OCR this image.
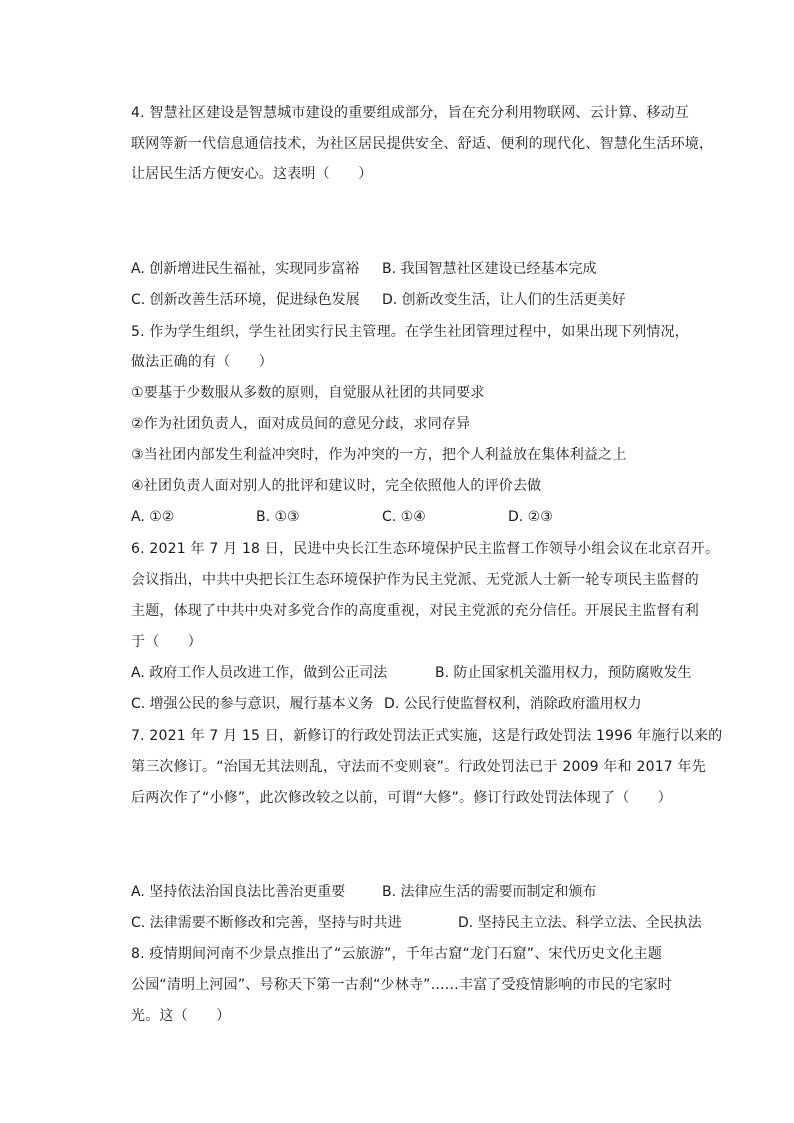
4. 智慧社区建设是智慧城市建设的重要组成部分，旨在充分利用物联网、云计算、移动互
联网等新一代信息通信技术，为社区居民提供安全、舒适、便利的现代化、智慧化生活环境，
让居民生活方便安心。这表明（　　）
A. 创新增进民生福祉，实现同步富裕 B. 我国智慧社区建设已经基本完成
C. 创新改善生活环境，促进绿色发展 D. 创新改变生活，让人们的生活更美好
5. 作为学生组织，学生社团实行民主管理。在学生社团管理过程中，如果出现下列情况，
做法正确的有（　　）
①要基于少数服从多数的原则，自觉服从社团的共同要求
②作为社团负责人，面对成员间的意见分歧，求同存异
③当社团内部发生利益冲突时，作为冲突的一方，把个人利益放在集体利益之上
④社团负责人面对别人的批评和建议时，完全依照他人的评价去做
A. ①②	B. ①③	C. ①④	D. ②③
6. 2021 年 7 月 18 日，民进中央长江生态环境保护民主监督工作领导小组会议在北京召开。
会议指出，中共中央把长江生态环境保护作为民主党派、无党派人士新一轮专项民主监督的
主题，体现了中共中央对多党合作的高度重视，对民主党派的充分信任。开展民主监督有利
于（　　）
A. 政府工作人员改进工作，做到公正司法	B. 防止国家机关滥用权力，预防腐败发生
C. 增强公民的参与意识，履行基本义务 D. 公民行使监督权利，消除政府滥用权力
7. 2021 年 7 月 15 日，新修订的行政处罚法正式实施，这是行政处罚法 1996 年施行以来的
第三次修订。“治国无其法则乱，守法而不变则衰”。行政处罚法已于 2009 年和 2017 年先
后两次作了“小修”，此次修改较之以前，可谓“大修”。修订行政处罚法体现了（　　）
A. 坚持依法治国良法比善治更重要	B. 法律应生活的需要而制定和颁布
C. 法律需要不断修改和完善，坚持与时共进	D. 坚持民主立法、科学立法、全民执法
8. 疫情期间河南不少景点推出了“云旅游”，千年古窟“龙门石窟”、宋代历史文化主题
公园“清明上河园”、号称天下第一古刹“少林寺”……丰富了受疫情影响的市民的宅家时
光。这（　　）
